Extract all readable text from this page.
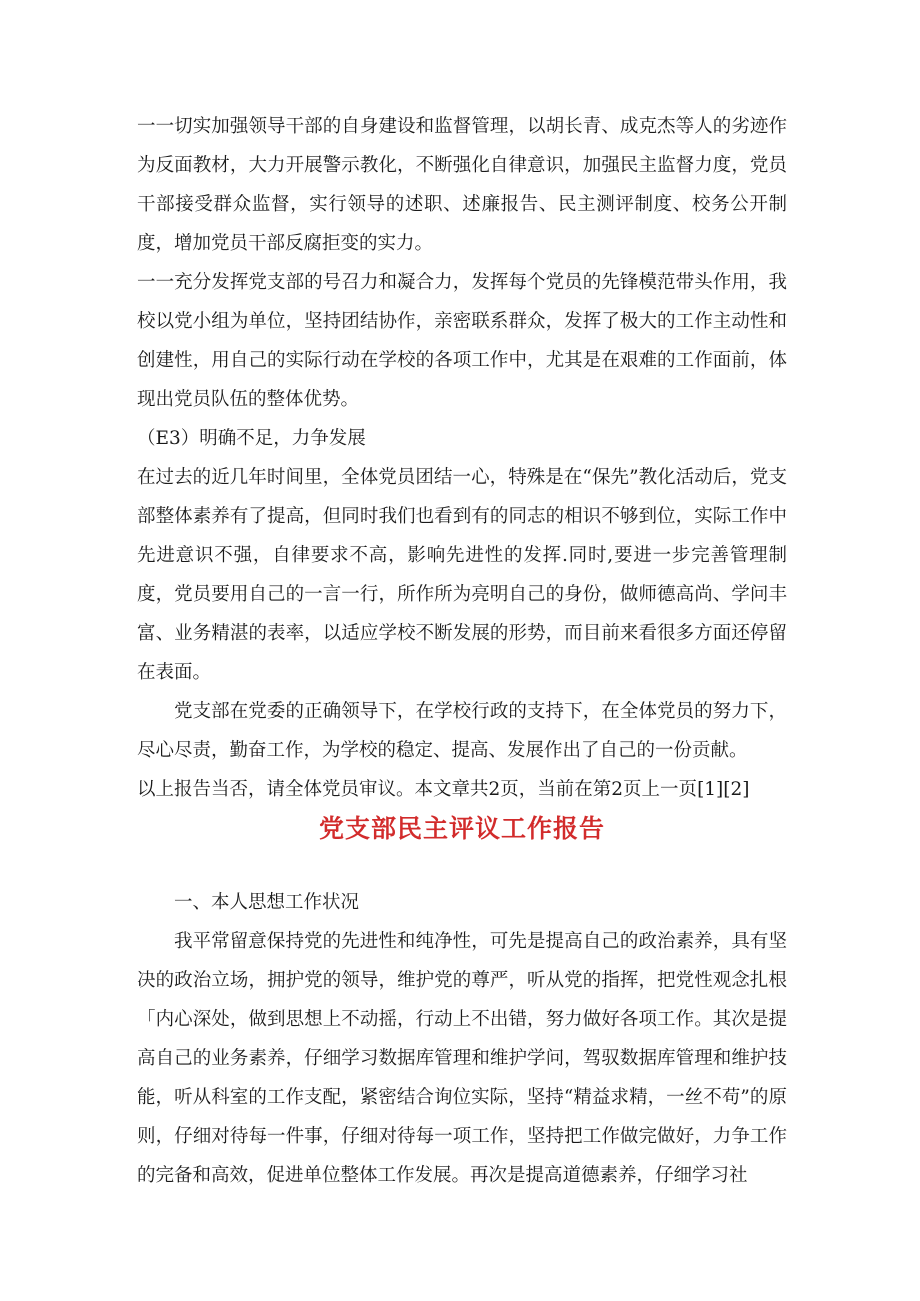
一一切实加强领导干部的自身建设和监督管理，以胡长青、成克杰等人的劣迹作为反面教材，大力开展警示教化，不断强化自律意识，加强民主监督力度，党员干部接受群众监督，实行领导的述职、述廉报告、民主测评制度、校务公开制度，增加党员干部反腐拒变的实力。

一一充分发挥党支部的号召力和凝合力，发挥每个党员的先锋模范带头作用，我校以党小组为单位，坚持团结协作，亲密联系群众，发挥了极大的工作主动性和创建性，用自己的实际行动在学校的各项工作中，尤其是在艰难的工作面前，体现出党员队伍的整体优势。

（E3）明确不足，力争发展

在过去的近几年时间里，全体党员团结一心，特殊是在“保先”教化活动后，党支部整体素养有了提高，但同时我们也看到有的同志的相识不够到位，实际工作中先进意识不强，自律要求不高，影响先进性的发挥.同时,要进一步完善管理制度，党员要用自己的一言一行，所作所为亮明自己的身份，做师德高尚、学问丰富、业务精湛的表率，以适应学校不断发展的形势，而目前来看很多方面还停留在表面。

党支部在党委的正确领导下，在学校行政的支持下，在全体党员的努力下，尽心尽责，勤奋工作，为学校的稳定、提高、发展作出了自己的一份贡献。

以上报告当否，请全体党员审议。本文章共2页，当前在第2页上一页[1][2]

党支部民主评议工作报告

一、本人思想工作状况

我平常留意保持党的先进性和纯净性，可先是提高自己的政治素养，具有坚决的政治立场，拥护党的领导，维护党的尊严，听从党的指挥，把党性观念扎根「内心深处，做到思想上不动摇，行动上不出错，努力做好各项工作。其次是提高自己的业务素养，仔细学习数据库管理和维护学问，驾驭数据库管理和维护技能，听从科室的工作支配，紧密结合询位实际，坚持“精益求精，一丝不苟”的原则，仔细对待每一件事，仔细对待每一项工作，坚持把工作做完做好，力争工作的完备和高效，促进单位整体工作发展。再次是提高道德素养，仔细学习社
